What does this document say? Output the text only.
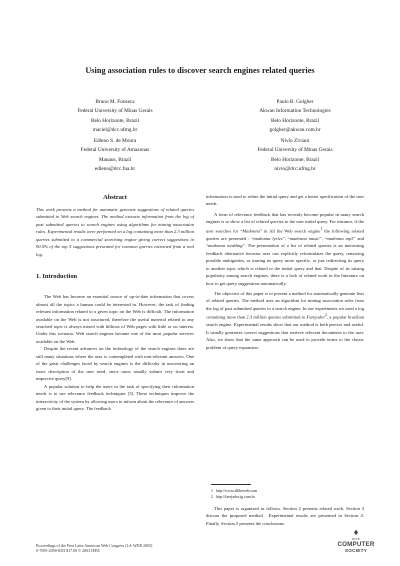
Using association rules to discover search engines related queries
Bruno M. Fonseca
Federal University of Minas Gerais
Belo Horizonte, Brazil
maciel@dcc.ufmg.br
Paulo B. Golgher
Akwan Information Technologies
Belo Horizonte, Brazil
golgher@akwan.com.br
Edleno S. de Moura
Federal University of Amazonas
Manaus, Brazil
edleno@dcc.fua.br
Nivio Ziviani
Federal University of Minas Gerais
Belo Horizonte, Brazil
nivio@dcc.ufmg.br
Abstract

This work presents a method for automatic generate suggestions of related queries submitted to Web search engines. The method extracts information from the log of past submitted queries to search engines using algorithms for mining association rules. Experimental results were performed on a log containing more than 2.3 million queries submitted to a commercial searching engine giving correct suggestions in 90.5% of the top 5 suggestions presented for common queries extracted from a real log.

1. Introduction

The Web has become an essential source of up-to-date information that covers almost all the topics a human could be interested in. However, the task of finding relevant information related to a given topic on the Web is difficult. The information available on the Web is not structured, therefore the useful material related to any searched topic is always mixed with billions of Web pages with little or no interest. Under this scenario, Web search engines became one of the most popular services available on the Web.

Despite the recent advances on the technology of the search engines there are still many situations where the user is contemplated with non-relevant answers. One of the great challenges faced by search engines is the difficulty in uncovering an exact description of the user need, since users usually submit very short and imprecise query[9].

A popular solution to help the users in the task of specifying their information needs is to use relevance feedback techniques [3]. These techniques improve the interactivity of the system by allowing users to inform about the relevance of answers given to their initial query. The feedback

information is used to refine the initial query and get a better specification of the user needs.

A form of relevance feedback that has recently become popular in many search engines is to show a list of related queries to the user initial query. For instance, if the user searches for “Madonna” in All the Web search engine$^1$ the following related queries are presented : “madonna lyrics”, “madonna music”, “madonna mp3” and “madonna wedding”. The presentation of a list of related queries is an interesting feedback alternative because user can explicitly reformulates the query, removing possible ambiguities, or turning its query more specific, or just redirecting its query to another topic which is related to the initial query and that. Despite of its raising popularity among search engines, there is a lack of related work in the literature on how to get query suggestions automatically.

The objective of this paper is to present a method for automatically generate lists of related queries. The method uses an algorithm for mining association rules from the log of past submitted queries to a search engine. In our experiments we used a log containing more than 2.3 million queries submitted to Farejador$^2$, a popular brazilian search engine. Experimental results show that our method is both precise and useful. It usually generates correct suggestions that retrieve relevant documents to the user. Also, we show that the same approach can be used to provide terms to the classic problem of query expansion.

1 http://www.alltheweb.com
2 http://farejador.ig.com.br

This paper is organized as follows. Section 2 presents related work. Section 3 discuss the proposed method . Experimental results are presented in Section 4. Finally, Section 5 presents the conclusions.

Proceedings of the First Latin American Web Congress (LA-WEB 2003)
0-7695-2058-8/03 $17.00 © 2003 IEEE
♦
IEEE
COMPUTER
SOCIETY
